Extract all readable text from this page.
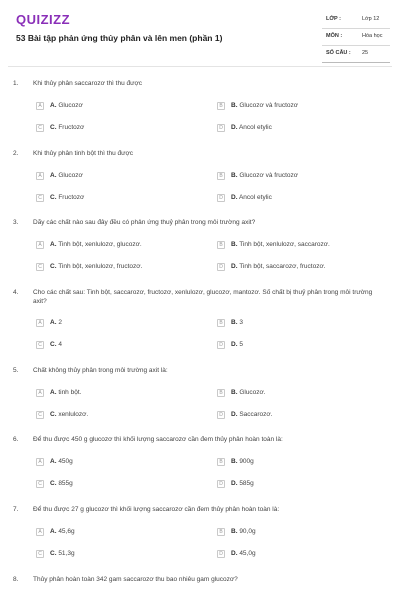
QUIZIZZ
53 Bài tập phản ứng thủy phân và lên men (phần 1)
LỚP :	Lớp 12
MÔN :	Hóa học
SỐ CÂU : 25
1. Khi thủy phân saccarozơ thì thu được
A	A. Glucozơ	B	B. Glucozơ và fructozơ
C	C. Fructozơ	D	D. Ancol etylic
2. Khi thủy phân tinh bột thì thu được
A	A. Glucozơ	B	B. Glucozơ và fructozơ
C	C. Fructozơ	D	D. Ancol etylic
3. Dãy các chất nào sau đây đều có phản ứng thuỷ phân trong môi trường axit?
A	A. Tinh bột, xenlulozơ, glucozơ.	B	B. Tinh bột, xenlulozơ, saccarozơ.
C	C. Tinh bột, xenlulozơ, fructozơ.	D	D. Tinh bột, saccarozơ, fructozơ.
4. Cho các chất sau: Tinh bột, saccarozơ, fructozơ, xenlulozơ, glucozơ, mantozơ. Số chất bị thuỷ phân trong môi trường axit?
A	A. 2	B	B. 3
C	C. 4	D	D. 5
5. Chất không thủy phân trong môi trường axit là:
A	A. tinh bột.	B	B. Glucozơ.
C	C. xenlulozơ.	D	D. Saccarozơ.
6. Để thu được 450 g glucozơ thì khối lượng saccarozơ cần đem thủy phân hoàn toàn là:
A	A. 450g	B	B. 900g
C	C. 855g	D	D. 585g
7. Để thu được 27 g glucozơ thì khối lượng saccarozơ cần đem thủy phân hoàn toàn là:
A	A. 45,6g	B	B. 90,0g
C	C. 51,3g	D	D. 45,0g
8. Thủy phân hoàn toàn 342 gam saccarozơ thu bao nhiêu gam glucozơ?
